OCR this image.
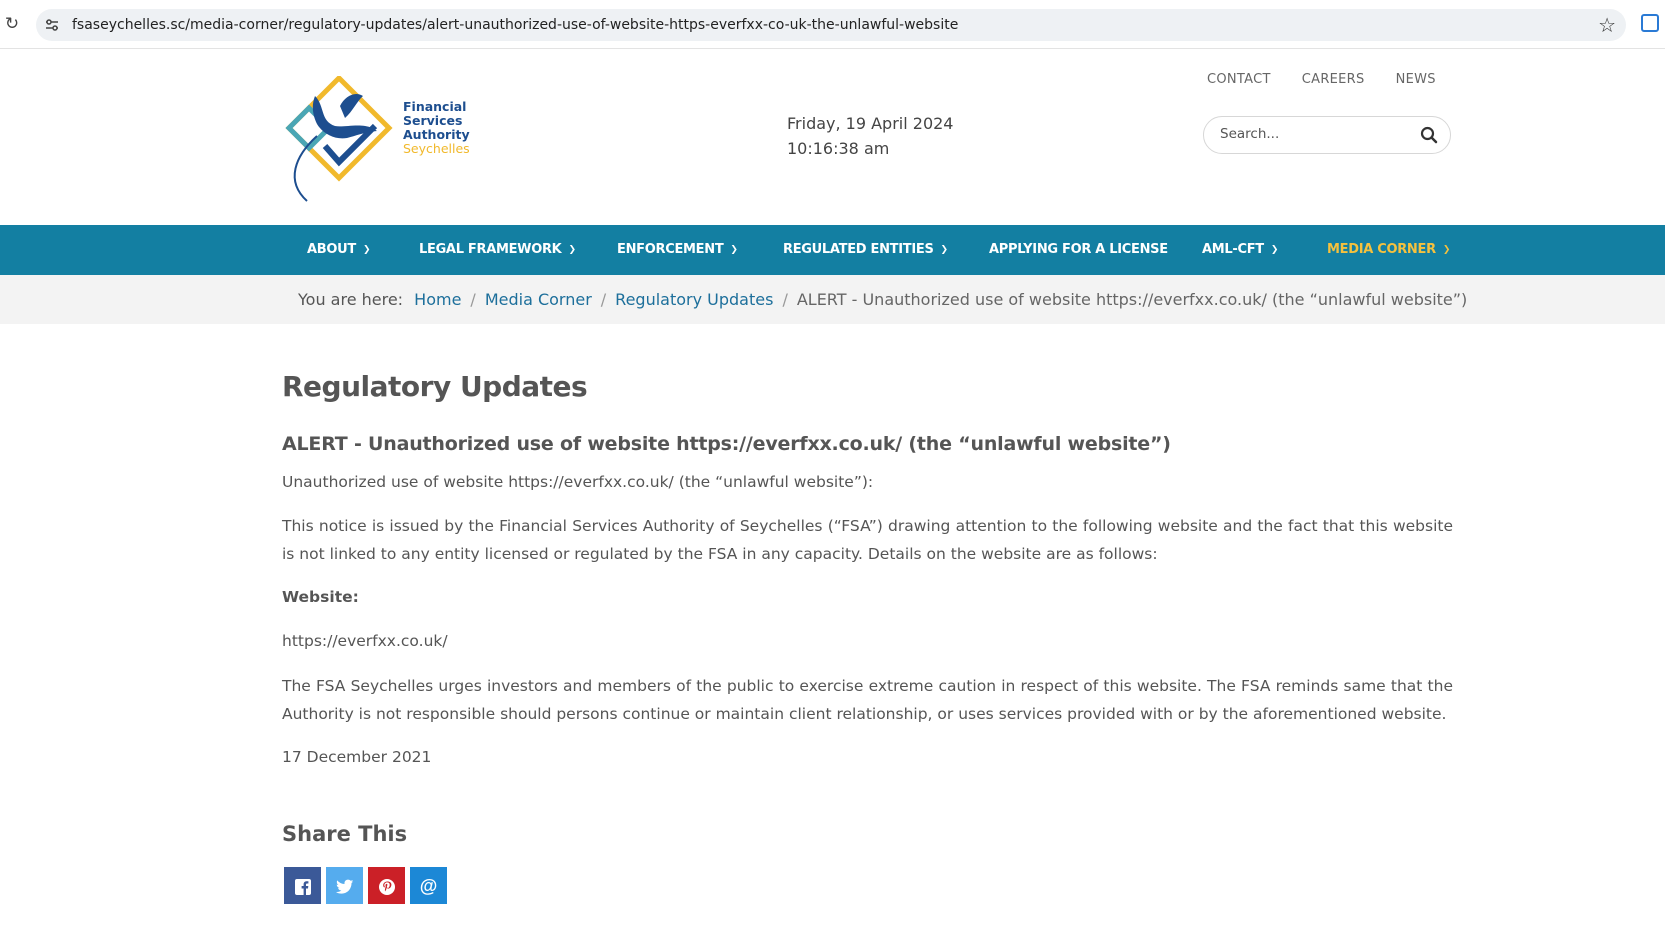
↻	fsaseychelles.sc/media-corner/regulatory-updates/alert-unauthorized-use-of-website-https-everfxx-co-uk-the-unlawful-website	☆
Financial
Services
Authority
Seychelles
Friday, 19 April 2024
10:16:38 am
CONTACT CAREERS NEWS
Search...
ABOUT ❯	LEGAL FRAMEWORK ❯	ENFORCEMENT ❯	REGULATED ENTITIES ❯	APPLYING FOR A LICENSE	AML-CFT ❯	MEDIA CORNER ❯
You are here: Home / Media Corner / Regulatory Updates / ALERT - Unauthorized use of website https://everfxx.co.uk/ (the “unlawful website”)
Regulatory Updates
ALERT - Unauthorized use of website https://everfxx.co.uk/ (the “unlawful website”)

Unauthorized use of website https://everfxx.co.uk/ (the “unlawful website”):

This notice is issued by the Financial Services Authority of Seychelles (“FSA”) drawing attention to the following website and the fact that this website is not linked to any entity licensed or regulated by the FSA in any capacity. Details on the website are as follows:

Website:

https://everfxx.co.uk/

The FSA Seychelles urges investors and members of the public to exercise extreme caution in respect of this website. The FSA reminds same that the Authority is not responsible should persons continue or maintain client relationship, or uses services provided with or by the aforementioned website.

17 December 2021

Share This
@
